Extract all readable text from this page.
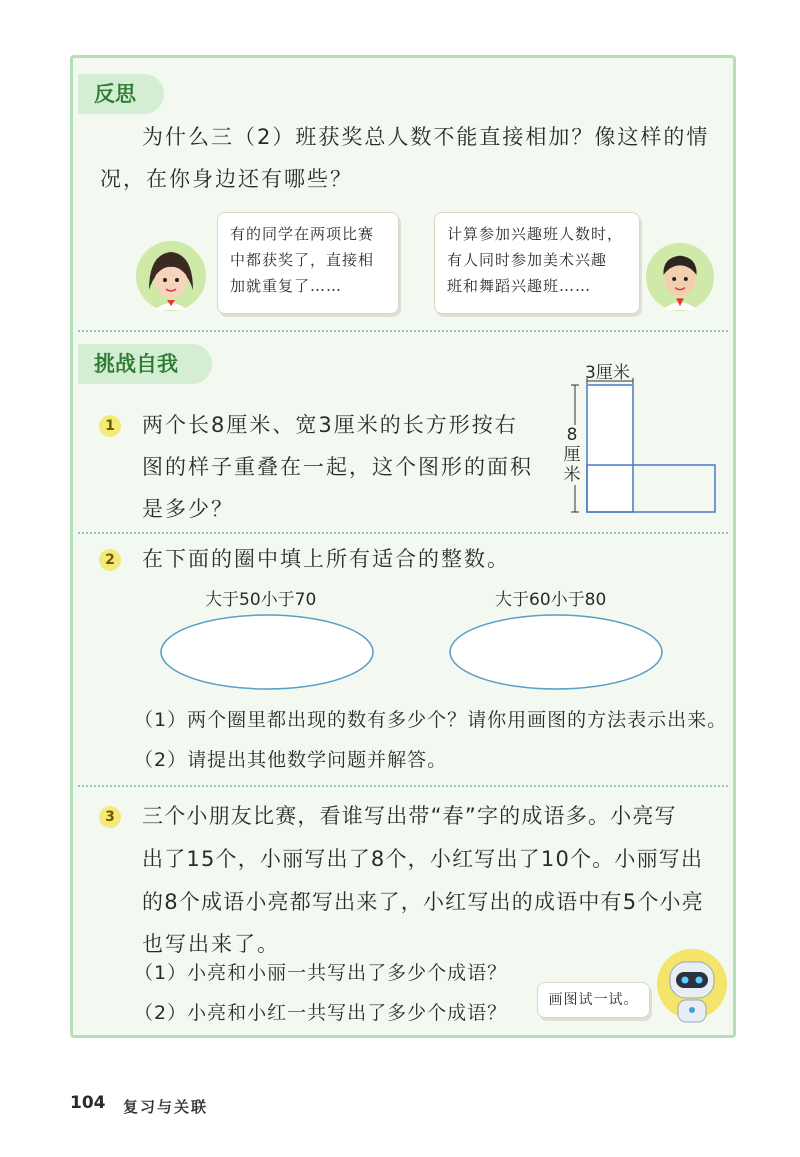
反思
为什么三（2）班获奖总人数不能直接相加？像这样的情
况，在你身边还有哪些？
有的同学在两项比赛
中都获奖了，直接相
加就重复了……
计算参加兴趣班人数时，
有人同时参加美术兴趣
班和舞蹈兴趣班……
挑战自我
1 两个长8厘米、宽3厘米的长方形按右
图的样子重叠在一起，这个图形的面积
是多少？
3厘米
8厘米
2 在下面的圈中填上所有适合的整数。
大于50小于70	大于60小于80
（1）两个圈里都出现的数有多少个？请你用画图的方法表示出来。
（2）请提出其他数学问题并解答。
3 三个小朋友比赛，看谁写出带“春”字的成语多。小亮写
出了15个，小丽写出了8个，小红写出了10个。小丽写出
的8个成语小亮都写出来了，小红写出的成语中有5个小亮
也写出来了。
（1）小亮和小丽一共写出了多少个成语？
（2）小亮和小红一共写出了多少个成语？
画图试一试。
104 复习与关联
